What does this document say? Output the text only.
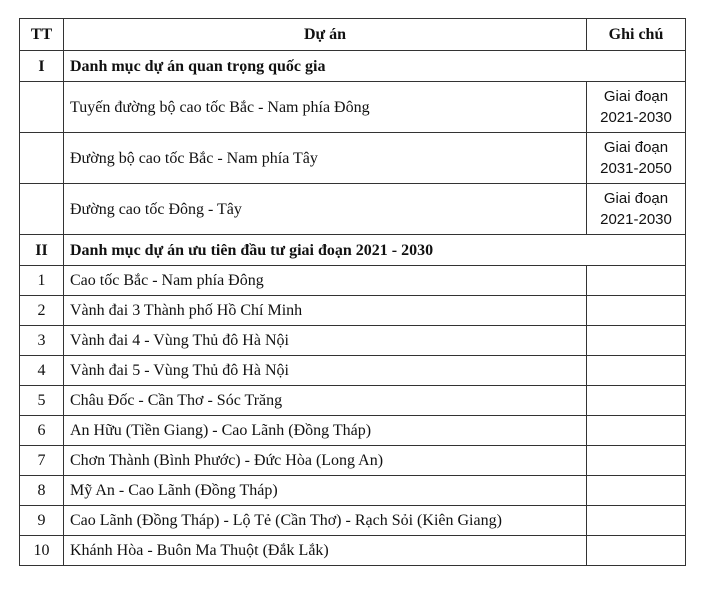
TT	Dự án	Ghi chú
I	Danh mục dự án quan trọng quốc gia	
	Tuyến đường bộ cao tốc Bắc - Nam phía Đông	Giai đoạn
2021-2030

	Đường bộ cao tốc Bắc - Nam phía Tây	Giai đoạn
2031-2050

	Đường cao tốc Đông - Tây	Giai đoạn
2021-2030

II	Danh mục dự án ưu tiên đầu tư giai đoạn 2021 - 2030	
1	Cao tốc Bắc - Nam phía Đông	
2	Vành đai 3 Thành phố Hồ Chí Minh	
3	Vành đai 4 - Vùng Thủ đô Hà Nội	
4	Vành đai 5 - Vùng Thủ đô Hà Nội	
5	Châu Đốc - Cần Thơ - Sóc Trăng	
6	An Hữu (Tiền Giang) - Cao Lãnh (Đồng Tháp)	
7	Chơn Thành (Bình Phước) - Đức Hòa (Long An)	
8	Mỹ An - Cao Lãnh (Đồng Tháp)	
9	Cao Lãnh (Đồng Tháp) - Lộ Tẻ (Cần Thơ) - Rạch Sỏi (Kiên Giang)	
10	Khánh Hòa - Buôn Ma Thuột (Đắk Lắk)	
